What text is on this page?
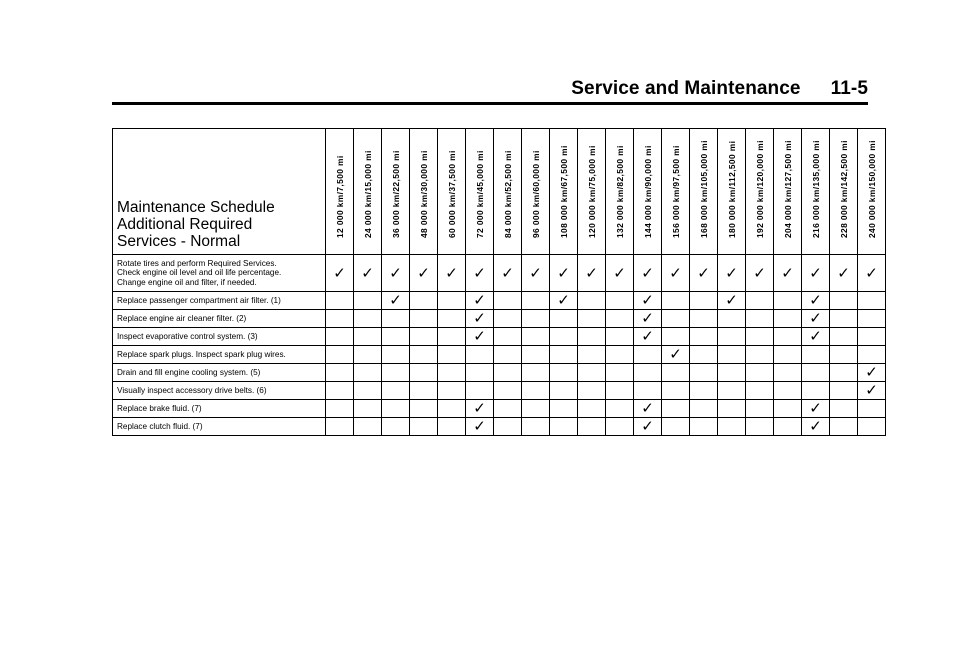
Service and Maintenance 11-5
Maintenance Schedule
Additional Required
Services - Normal	12 000 km/7,500 mi	24 000 km/15,000 mi	36 000 km/22,500 mi	48 000 km/30,000 mi	60 000 km/37,500 mi	72 000 km/45,000 mi	84 000 km/52,500 mi	96 000 km/60,000 mi	108 000 km/67,500 mi	120 000 km/75,000 mi	132 000 km/82,500 mi	144 000 km/90,000 mi	156 000 km/97,500 mi	168 000 km/105,000 mi	180 000 km/112,500 mi	192 000 km/120,000 mi	204 000 km/127,500 mi	216 000 km/135,000 mi	228 000 km/142,500 mi	240 000 km/150,000 mi

Rotate tires and perform Required Services.
Check engine oil level and oil life percentage.
Change engine oil and filter, if needed.	✓	✓	✓	✓	✓	✓	✓	✓	✓	✓	✓	✓	✓	✓	✓	✓	✓	✓	✓	✓

Replace passenger compartment air filter. (1)			✓			✓			✓			✓			✓			✓		

Replace engine air cleaner filter. (2)						✓						✓						✓		

Inspect evaporative control system. (3)						✓						✓						✓		

Replace spark plugs. Inspect spark plug wires.													✓							

Drain and fill engine cooling system. (5)																				✓

Visually inspect accessory drive belts. (6)																				✓

Replace brake fluid. (7)						✓						✓						✓		

Replace clutch fluid. (7)						✓						✓						✓		
